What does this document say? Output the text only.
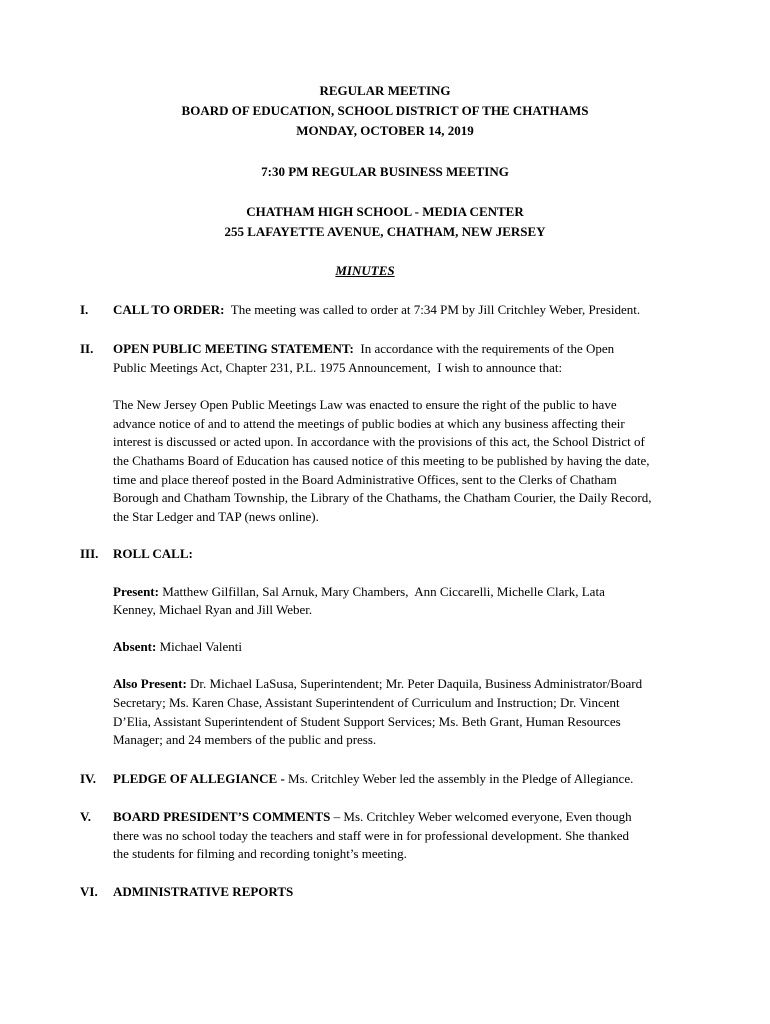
REGULAR MEETING
BOARD OF EDUCATION, SCHOOL DISTRICT OF THE CHATHAMS
MONDAY, OCTOBER 14, 2019
7:30 PM REGULAR BUSINESS MEETING
CHATHAM HIGH SCHOOL - MEDIA CENTER
255 LAFAYETTE AVENUE, CHATHAM, NEW JERSEY
MINUTES
I. CALL TO ORDER:  The meeting was called to order at 7:34 PM by Jill Critchley Weber, President.
II. OPEN PUBLIC MEETING STATEMENT:  In accordance with the requirements of the Open
Public Meetings Act, Chapter 231, P.L. 1975 Announcement,  I wish to announce that:
The New Jersey Open Public Meetings Law was enacted to ensure the right of the public to have
advance notice of and to attend the meetings of public bodies at which any business affecting their
interest is discussed or acted upon. In accordance with the provisions of this act, the School District of
the Chathams Board of Education has caused notice of this meeting to be published by having the date,
time and place thereof posted in the Board Administrative Offices, sent to the Clerks of Chatham
Borough and Chatham Township, the Library of the Chathams, the Chatham Courier, the Daily Record,
the Star Ledger and TAP (news online).
III. ROLL CALL:
Present: Matthew Gilfillan, Sal Arnuk, Mary Chambers,  Ann Ciccarelli, Michelle Clark, Lata
Kenney, Michael Ryan and Jill Weber.
Absent: Michael Valenti
Also Present: Dr. Michael LaSusa, Superintendent; Mr. Peter Daquila, Business Administrator/Board
Secretary; Ms. Karen Chase, Assistant Superintendent of Curriculum and Instruction; Dr. Vincent
D’Elia, Assistant Superintendent of Student Support Services; Ms. Beth Grant, Human Resources
Manager; and 24 members of the public and press.
IV. PLEDGE OF ALLEGIANCE - Ms. Critchley Weber led the assembly in the Pledge of Allegiance.
V. BOARD PRESIDENT’S COMMENTS – Ms. Critchley Weber welcomed everyone, Even though
there was no school today the teachers and staff were in for professional development. She thanked
the students for filming and recording tonight’s meeting.
VI. ADMINISTRATIVE REPORTS
